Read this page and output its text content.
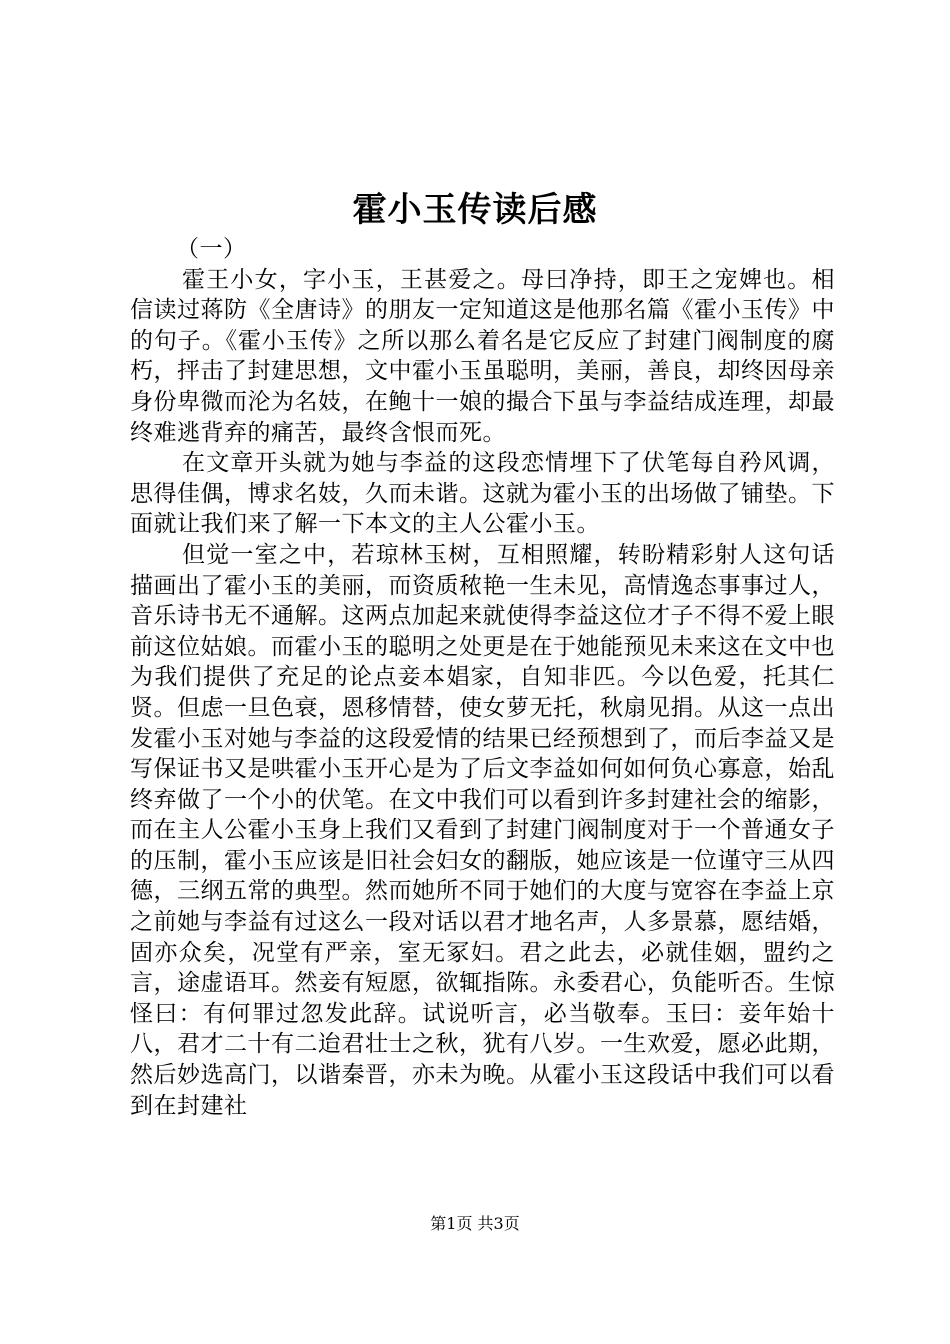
霍小玉传读后感

（一）

霍王小女，字小玉，王甚爱之。母曰净持，即王之宠婢也。相信读过蒋防《全唐诗》的朋友一定知道这是他那名篇《霍小玉传》中的句子。《霍小玉传》之所以那么着名是它反应了封建门阀制度的腐朽，抨击了封建思想，文中霍小玉虽聪明，美丽，善良，却终因母亲身份卑微而沦为名妓，在鲍十一娘的撮合下虽与李益结成连理，却最终难逃背弃的痛苦，最终含恨而死。

在文章开头就为她与李益的这段恋情埋下了伏笔每自矜风调，思得佳偶，博求名妓，久而未谐。这就为霍小玉的出场做了铺垫。下面就让我们来了解一下本文的主人公霍小玉。

但觉一室之中，若琼林玉树，互相照耀，转盼精彩射人这句话描画出了霍小玉的美丽，而资质秾艳一生未见，高情逸态事事过人，音乐诗书无不通解。这两点加起来就使得李益这位才子不得不爱上眼前这位姑娘。而霍小玉的聪明之处更是在于她能预见未来这在文中也为我们提供了充足的论点妾本娼家，自知非匹。今以色爱，托其仁贤。但虑一旦色衰，恩移情替，使女萝无托，秋扇见捐。从这一点出发霍小玉对她与李益的这段爱情的结果已经预想到了，而后李益又是写保证书又是哄霍小玉开心是为了后文李益如何如何负心寡意，始乱终弃做了一个小的伏笔。在文中我们可以看到许多封建社会的缩影，而在主人公霍小玉身上我们又看到了封建门阀制度对于一个普通女子的压制，霍小玉应该是旧社会妇女的翻版，她应该是一位谨守三从四德，三纲五常的典型。然而她所不同于她们的大度与宽容在李益上京之前她与李益有过这么一段对话以君才地名声，人多景慕，愿结婚，固亦众矣，况堂有严亲，室无冢妇。君之此去，必就佳姻，盟约之言，途虚语耳。然妾有短愿，欲辄指陈。永委君心，负能听否。生惊怪曰：有何罪过忽发此辞。试说听言，必当敬奉。玉曰：妾年始十八，君才二十有二迨君壮士之秋，犹有八岁。一生欢爱，愿必此期，然后妙选高门，以谐秦晋，亦未为晚。从霍小玉这段话中我们可以看到在封建社

第1页 共3页
